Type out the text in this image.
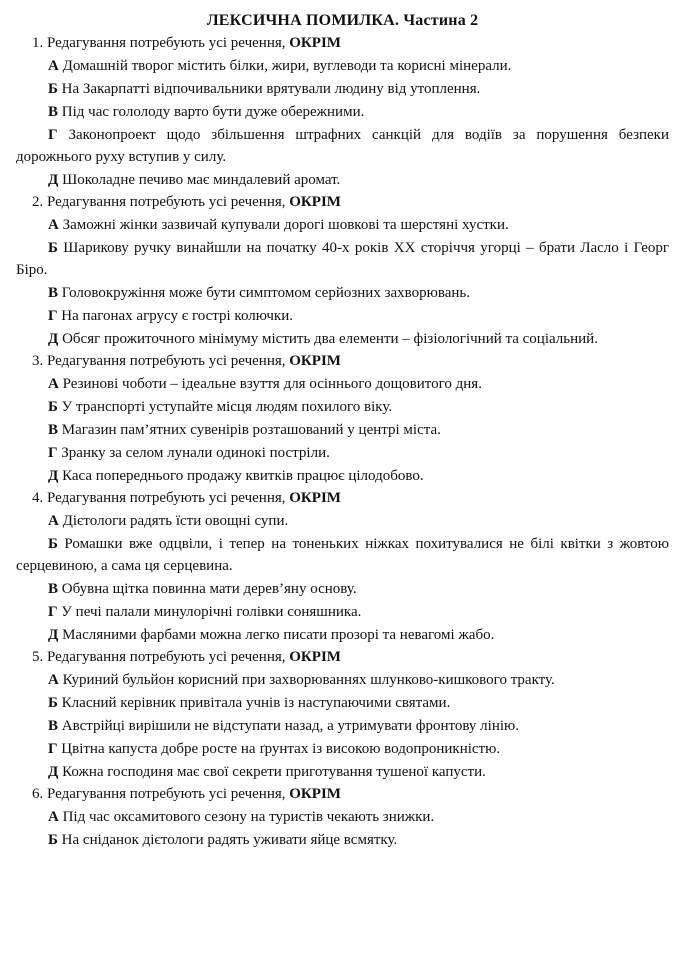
ЛЕКСИЧНА ПОМИЛКА. Частина 2
1. Редагування потребують усі речення, ОКРІМ
А Домашній творог містить білки, жири, вуглеводи та корисні мінерали.
Б На Закарпатті відпочивальники врятували людину від утоплення.
В Під час гололоду варто бути дуже обережними.
Г Законопроект щодо збільшення штрафних санкцій для водіїв за порушення безпеки дорожнього руху вступив у силу.
Д Шоколадне печиво має миндалевий аромат.
2. Редагування потребують усі речення, ОКРІМ
А Заможні жінки зазвичай купували дорогі шовкові та шерстяні хустки.
Б Шарикову ручку винайшли на початку 40-х років ХХ сторіччя угорці – брати Ласло і Георг Біро.
В Головокружіння може бути симптомом серйозних захворювань.
Г На пагонах агрусу є гострі колючки.
Д Обсяг прожиточного мінімуму містить два елементи – фізіологічний та соціальний.
3. Редагування потребують усі речення, ОКРІМ
А Резинові чоботи – ідеальне взуття для осіннього дощовитого дня.
Б У транспорті уступайте місця людям похилого віку.
В Магазин пам’ятних сувенірів розташований у центрі міста.
Г Зранку за селом лунали одинокі постріли.
Д Каса попереднього продажу квитків працює цілодобово.
4. Редагування потребують усі речення, ОКРІМ
А Дієтологи радять їсти овощні супи.
Б Ромашки вже одцвіли, і тепер на тоненьких ніжках похитувалися не білі квітки з жовтою серцевиною, а сама ця серцевина.
В Обувна щітка повинна мати дерев’яну основу.
Г У печі палали минулорічні голівки соняшника.
Д Масляними фарбами можна легко писати прозорі та невагомі жабо.
5. Редагування потребують усі речення, ОКРІМ
А Куриний бульйон корисний при захворюваннях шлунково-кишкового тракту.
Б Класний керівник привітала учнів із наступаючими святами.
В Австрійці вирішили не відступати назад, а утримувати фронтову лінію.
Г Цвітна капуста добре росте на ґрунтах із високою водопроникністю.
Д Кожна господиня має свої секрети приготування тушеної капусти.
6. Редагування потребують усі речення, ОКРІМ
А Під час оксамитового сезону на туристів чекають знижки.
Б На сніданок дієтологи радять уживати яйце всмятку.
